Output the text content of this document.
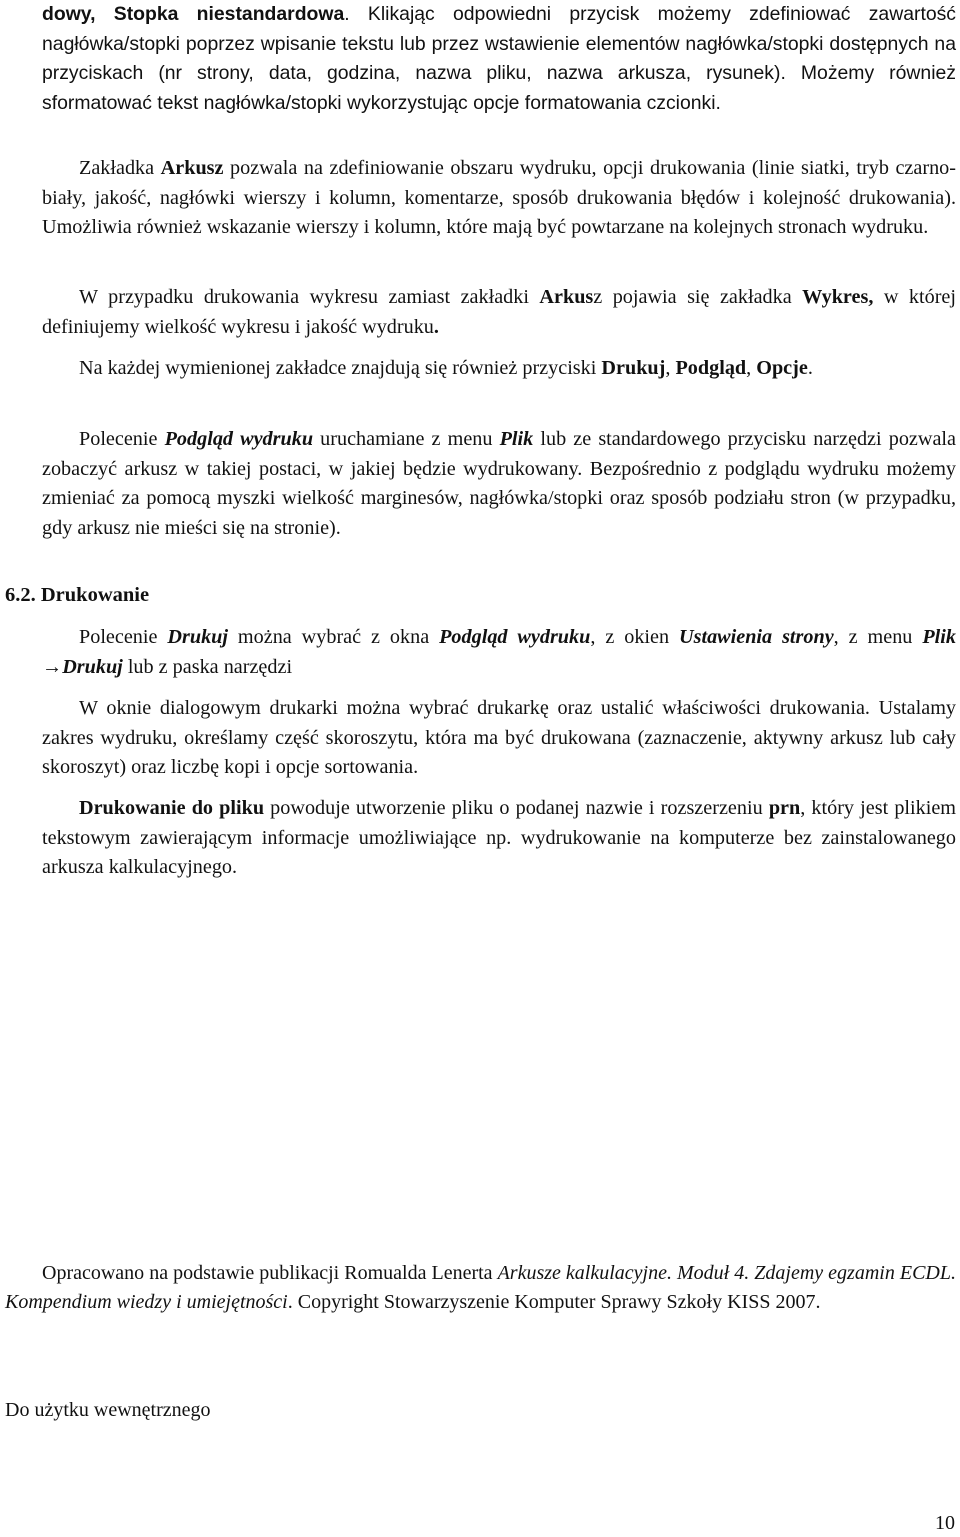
dowy, Stopka niestandardowa. Klikając odpowiedni przycisk możemy zdefiniować zawartość nagłówka/stopki poprzez wpisanie tekstu lub przez wstawienie elementów nagłówka/stopki dostępnych na przyciskach (nr strony, data, godzina, nazwa pliku, nazwa arkusza, rysunek). Możemy również sformatować tekst nagłówka/stopki wykorzystując opcje formatowania czcionki.

Zakładka Arkusz pozwala na zdefiniowanie obszaru wydruku, opcji drukowania (linie siatki, tryb czarno-biały, jakość, nagłówki wierszy i kolumn, komentarze, sposób drukowania błędów i kolejność drukowania). Umożliwia również wskazanie wierszy i kolumn, które mają być powtarzane na kolejnych stronach wydruku.

W przypadku drukowania wykresu zamiast zakładki Arkusz pojawia się zakładka Wykres, w której definiujemy wielkość wykresu i jakość wydruku.

Na każdej wymienionej zakładce znajdują się również przyciski Drukuj, Podgląd, Opcje.

Polecenie Podgląd wydruku uruchamiane z menu Plik lub ze standardowego przycisku narzędzi pozwala zobaczyć arkusz w takiej postaci, w jakiej będzie wydrukowany. Bezpośrednio z podglądu wydruku możemy zmieniać za pomocą myszki wielkość marginesów, nagłówka/stopki oraz sposób podziału stron (w przypadku, gdy arkusz nie mieści się na stronie).

6.2. Drukowanie

Polecenie Drukuj można wybrać z okna Podgląd wydruku, z okien Ustawienia strony, z menu Plik →Drukuj lub z paska narzędzi

W oknie dialogowym drukarki można wybrać drukarkę oraz ustalić właściwości drukowania. Ustalamy zakres wydruku, określamy część skoroszytu, która ma być drukowana (zaznaczenie, aktywny arkusz lub cały skoroszyt) oraz liczbę kopi i opcje sortowania.

Drukowanie do pliku powoduje utworzenie pliku o podanej nazwie i rozszerzeniu prn, który jest plikiem tekstowym zawierającym informacje umożliwiające np. wydrukowanie na komputerze bez zainstalowanego arkusza kalkulacyjnego.

Opracowano na podstawie publikacji Romualda Lenerta Arkusze kalkulacyjne. Moduł 4. Zdajemy egzamin ECDL. Kompendium wiedzy i umiejętności. Copyright Stowarzyszenie Komputer Sprawy Szkoły KISS 2007.

Do użytku wewnętrznego

10
